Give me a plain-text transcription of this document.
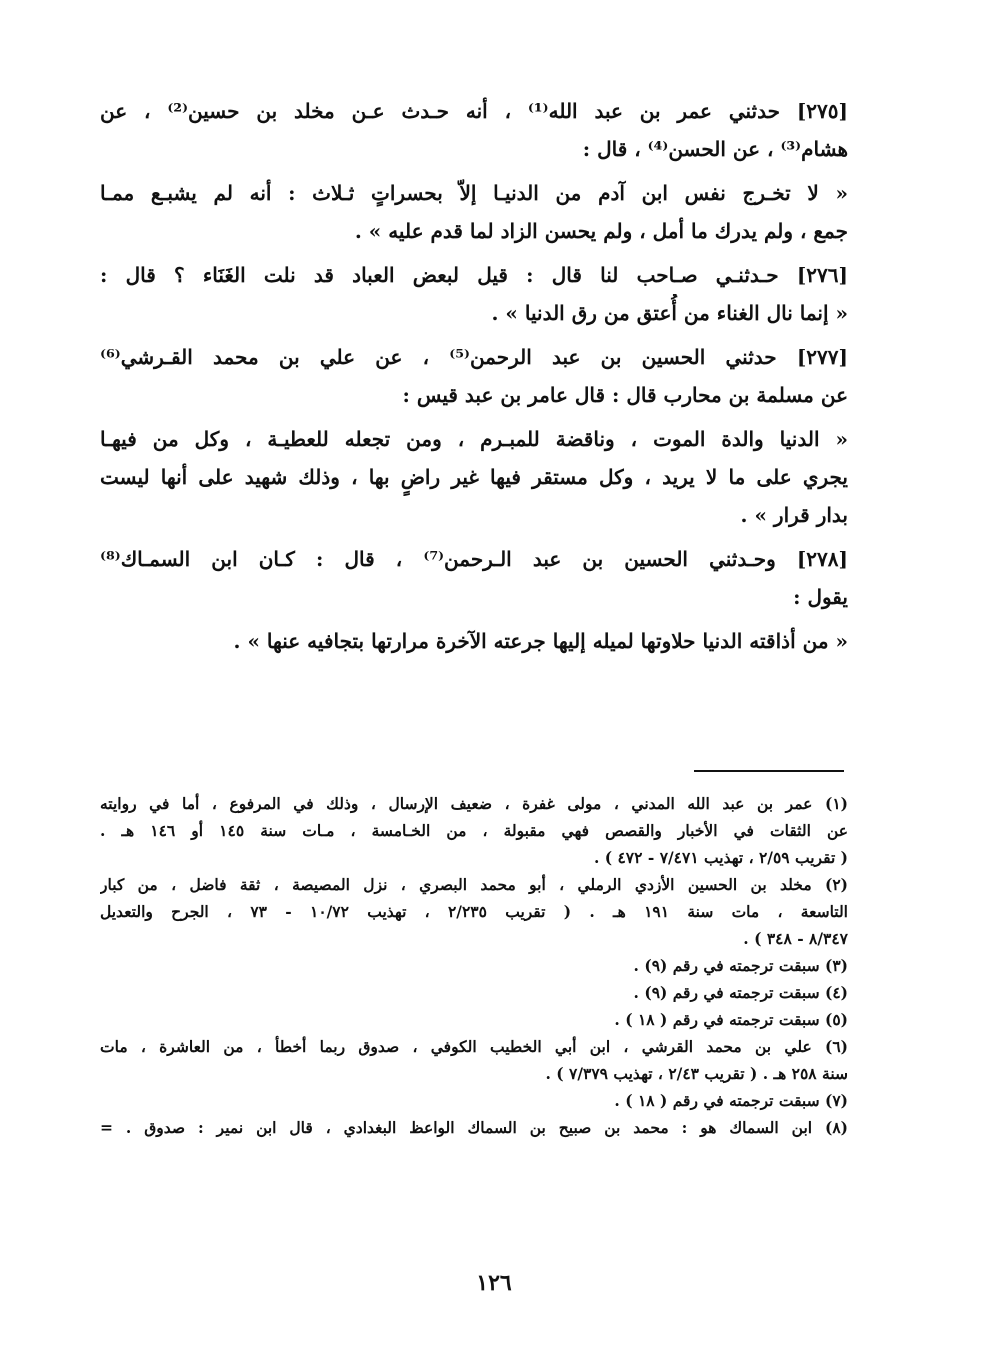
[٢٧٥] حدثني عمر بن عبد الله⁽¹⁾ ، أنه حـدث عـن مخلد بن حسين⁽²⁾ ، عن
هشام⁽³⁾ ، عن الحسن⁽⁴⁾ ، قال :
« لا تخـرج نفس ابن آدم من الدنيـا إلاّ بحسراتٍ ثـلاث : أنه لم يشبـع ممـا
جمع ، ولم يدرك ما أمل ، ولم يحسن الزاد لما قدم عليه » .
[٢٧٦] حـدثنـي صـاحب لنا قال : قيل لبعض العباد قد نلت الغَنَاء ؟ قال :
« إنما نال الغناء من أُعتق من رق الدنيا » .
[٢٧٧] حدثني الحسين بن عبد الرحمن⁽⁵⁾ ، عن علي بن محمد القـرشي⁽⁶⁾
عن مسلمة بن محارب قال : قال عامر بن عبد قيس :
« الدنيا والدة الموت ، وناقضة للمبـرم ، ومن تجعله للعطيـة ، وكل من فيهـا
يجري على ما لا يريد ، وكل مستقر فيها غير راضٍ بها ، وذلك شهيد على أنها ليست
بدار قرار » .
[٢٧٨] وحـدثني الحسين بن عبد الـرحمن⁽⁷⁾ ، قال : كـان ابن السمـاك⁽⁸⁾
يقول :
« من أذاقته الدنيا حلاوتها لميله إليها جرعته الآخرة مرارتها بتجافيه عنها » .
(١) عمر بن عبد الله المدني ، مولى غفرة ، ضعيف الإرسال ، وذلك في المرفوع ، أما في روايته
عن الثقات في الأخبار والقصص فهي مقبولة ، من الخـامسة ، مـات سنة ١٤٥ أو ١٤٦ هـ .
( تقريب ٢/٥٩ ، تهذيب ٧/٤٧١ - ٤٧٢ ) .
(٢) مخلد بن الحسين الأزدي الرملي ، أبو محمد البصري ، نزل المصيصة ، ثقة فاضل ، من كبار
التاسعة ، مات سنة ١٩١ هـ . ( تقريب ٢/٢٣٥ ، تهذيب ١٠/٧٢ - ٧٣ ، الجرح والتعديل
٨/٣٤٧ - ٣٤٨ ) .
(٣) سبقت ترجمته في رقم (٩) .
(٤) سبقت ترجمته في رقم (٩) .
(٥) سبقت ترجمته في رقم ( ١٨ ) .
(٦) علي بن محمد القرشي ، ابن أبي الخطيب الكوفي ، صدوق ربما أخطأ ، من العاشرة ، مات
سنة ٢٥٨ هـ . ( تقريب ٢/٤٣ ، تهذيب ٧/٣٧٩ ) .
(٧) سبقت ترجمته في رقم ( ١٨ ) .
(٨) ابن السماك هو : محمد بن صبيح بن السماك الواعظ البغدادي ، قال ابن نمير : صدوق . =
١٢٦
